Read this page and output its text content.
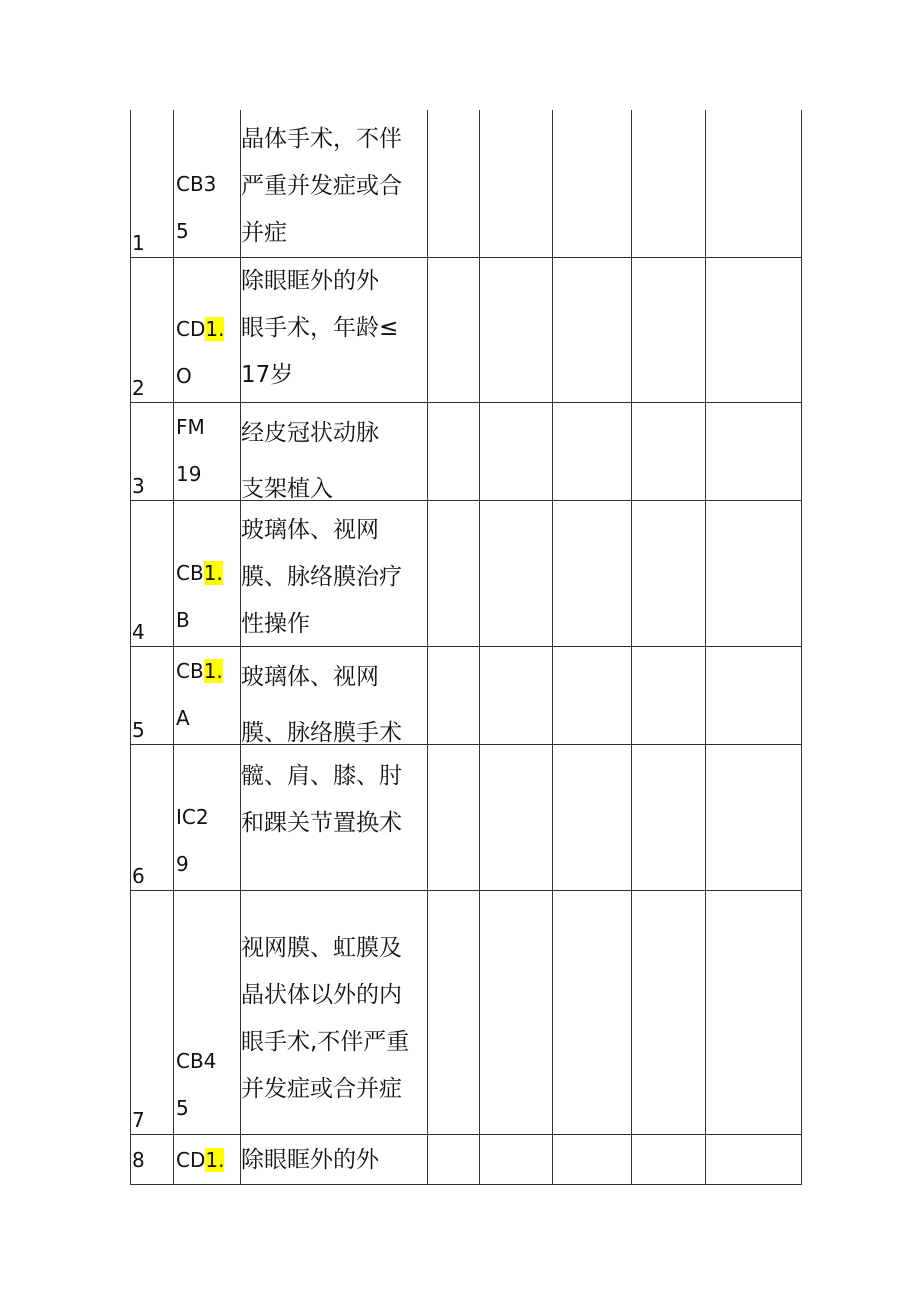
1
CB3
5
晶体手术，不伴
严重并发症或合
并症
2
CD1.
O
除眼眶外的外
眼手术，年龄≤
17岁
3
FM
19
经皮冠状动脉
支架植入
4
CB1.
B
玻璃体、视网
膜、脉络膜治疗
性操作
5
CB1.
A
玻璃体、视网
膜、脉络膜手术
6
IC2
9
髋、肩、膝、肘
和踝关节置换术
7
CB4
5
视网膜、虹膜及
晶状体以外的内
眼手术,不伴严重
并发症或合并症
8 CD1. 除眼眶外的外
